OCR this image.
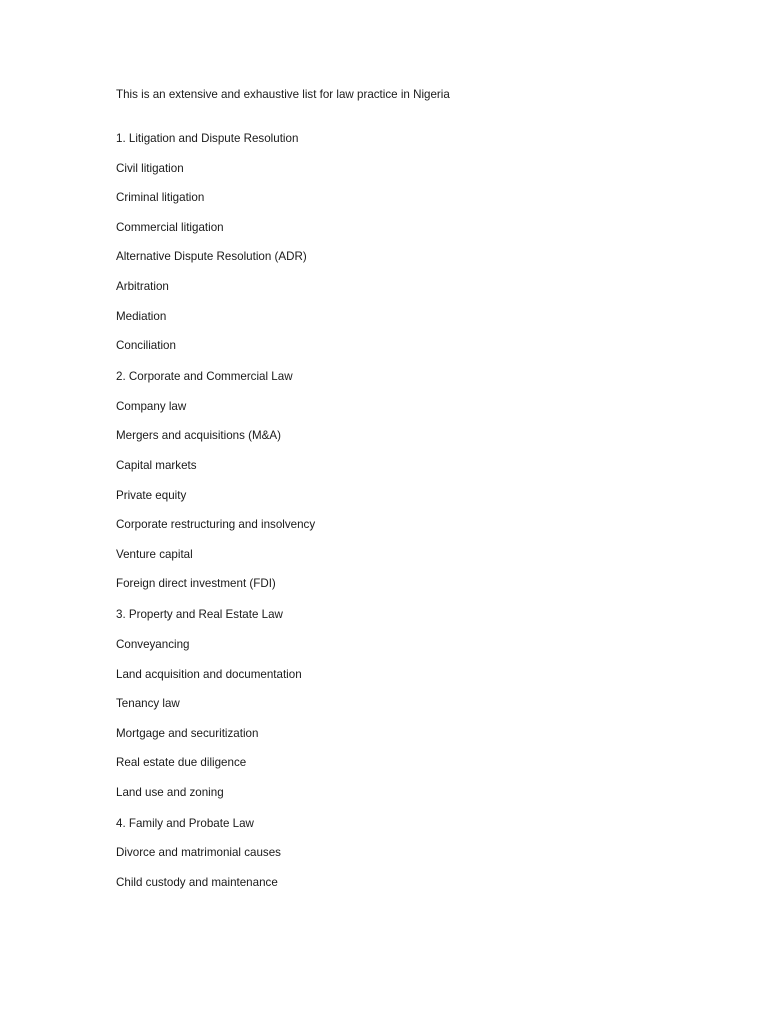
This is an extensive and exhaustive list for law practice in Nigeria
1. Litigation and Dispute Resolution
Civil litigation
Criminal litigation
Commercial litigation
Alternative Dispute Resolution (ADR)
Arbitration
Mediation
Conciliation
2. Corporate and Commercial Law
Company law
Mergers and acquisitions (M&A)
Capital markets
Private equity
Corporate restructuring and insolvency
Venture capital
Foreign direct investment (FDI)
3. Property and Real Estate Law
Conveyancing
Land acquisition and documentation
Tenancy law
Mortgage and securitization
Real estate due diligence
Land use and zoning
4. Family and Probate Law
Divorce and matrimonial causes
Child custody and maintenance
